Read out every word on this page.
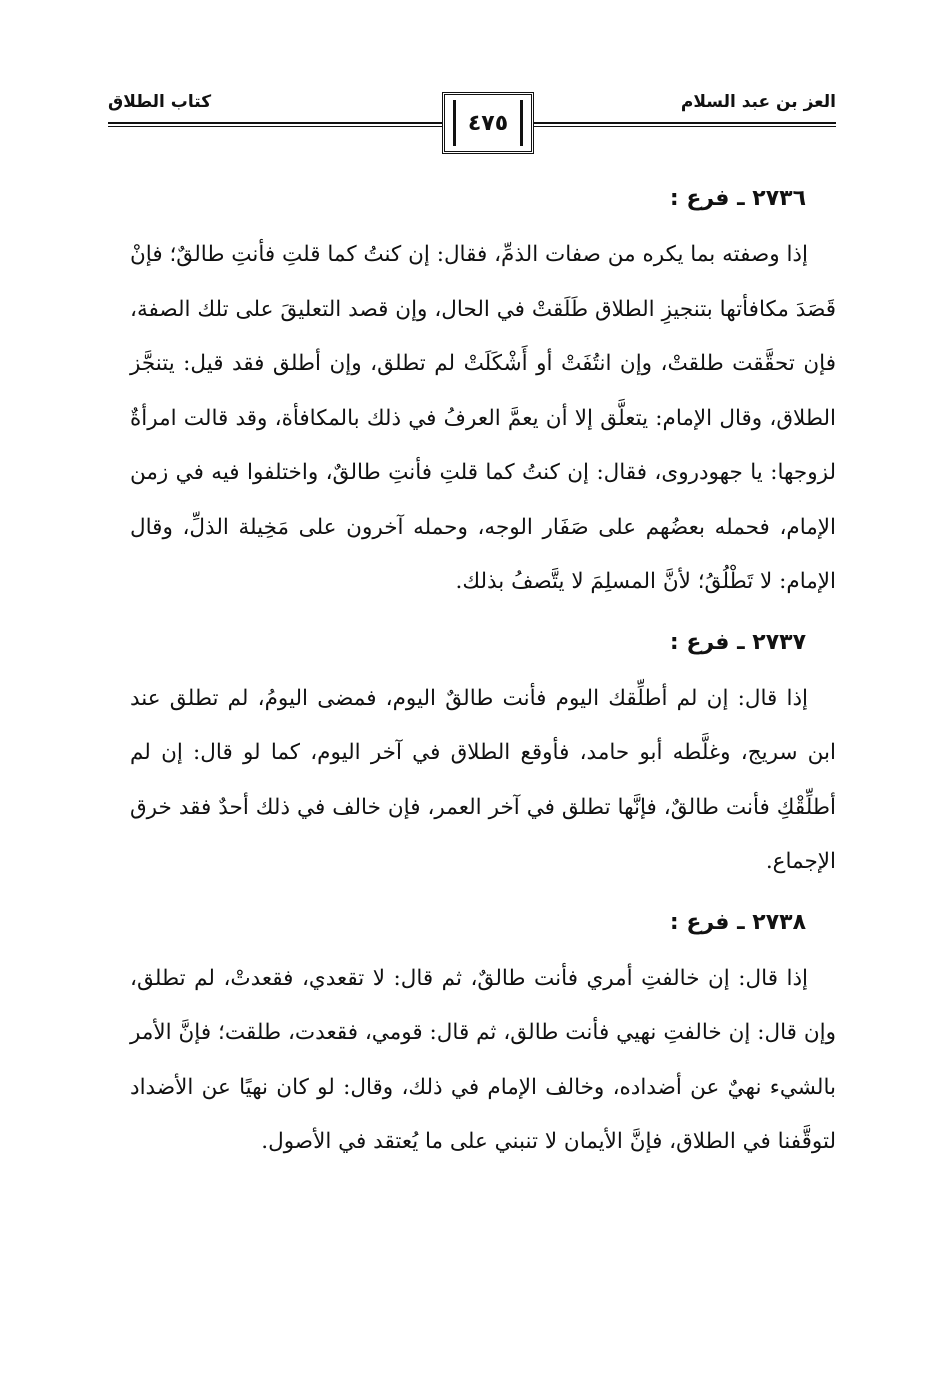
العز بن عبد السلام
كتاب الطلاق
٤٧٥

٢٧٣٦ ـ فرع :

إذا وصفته بما يكره من صفات الذمِّ، فقال: إن كنتُ كما قلتِ فأنتِ طالقٌ؛ فإنْ قَصَدَ مكافأتها بتنجيزِ الطلاق طَلَقتْ في الحال، وإن قصد التعليقَ على تلك الصفة، فإن تحقَّقت طلقتْ، وإن انتُفَتْ أو أَشْكَلَتْ لم تطلق، وإن أطلق فقد قيل: يتنجَّز الطلاق، وقال الإمام: يتعلَّق إلا أن يعمَّ العرفُ في ذلك بالمكافأة، وقد قالت امرأةٌ لزوجها: يا جهودروى، فقال: إن كنتُ كما قلتِ فأنتِ طالقٌ، واختلفوا فيه في زمن الإمام، فحمله بعضُهم على صَفَار الوجه، وحمله آخرون على مَخِيلة الذلِّ، وقال الإمام: لا تَطْلُقُ؛ لأنَّ المسلِمَ لا يتَّصفُ بذلك.

٢٧٣٧ ـ فرع :

إذا قال: إن لم أطلِّقك اليوم فأنت طالقٌ اليوم، فمضى اليومُ، لم تطلق عند ابن سريج، وغلَّطه أبو حامد، فأوقع الطلاق في آخر اليوم، كما لو قال: إن لم أطلِّقْكِ فأنت طالقٌ، فإنَّها تطلق في آخر العمر، فإن خالف في ذلك أحدٌ فقد خرق الإجماع.

٢٧٣٨ ـ فرع :

إذا قال: إن خالفتِ أمري فأنت طالقٌ، ثم قال: لا تقعدي، فقعدتْ، لم تطلق، وإن قال: إن خالفتِ نهيي فأنت طالق، ثم قال: قومي، فقعدت، طلقت؛ فإنَّ الأمر بالشيء نهيٌ عن أضداده، وخالف الإمام في ذلك، وقال: لو كان نهيًا عن الأضداد لتوقَّفنا في الطلاق، فإنَّ الأيمان لا تنبني على ما يُعتقد في الأصول.
